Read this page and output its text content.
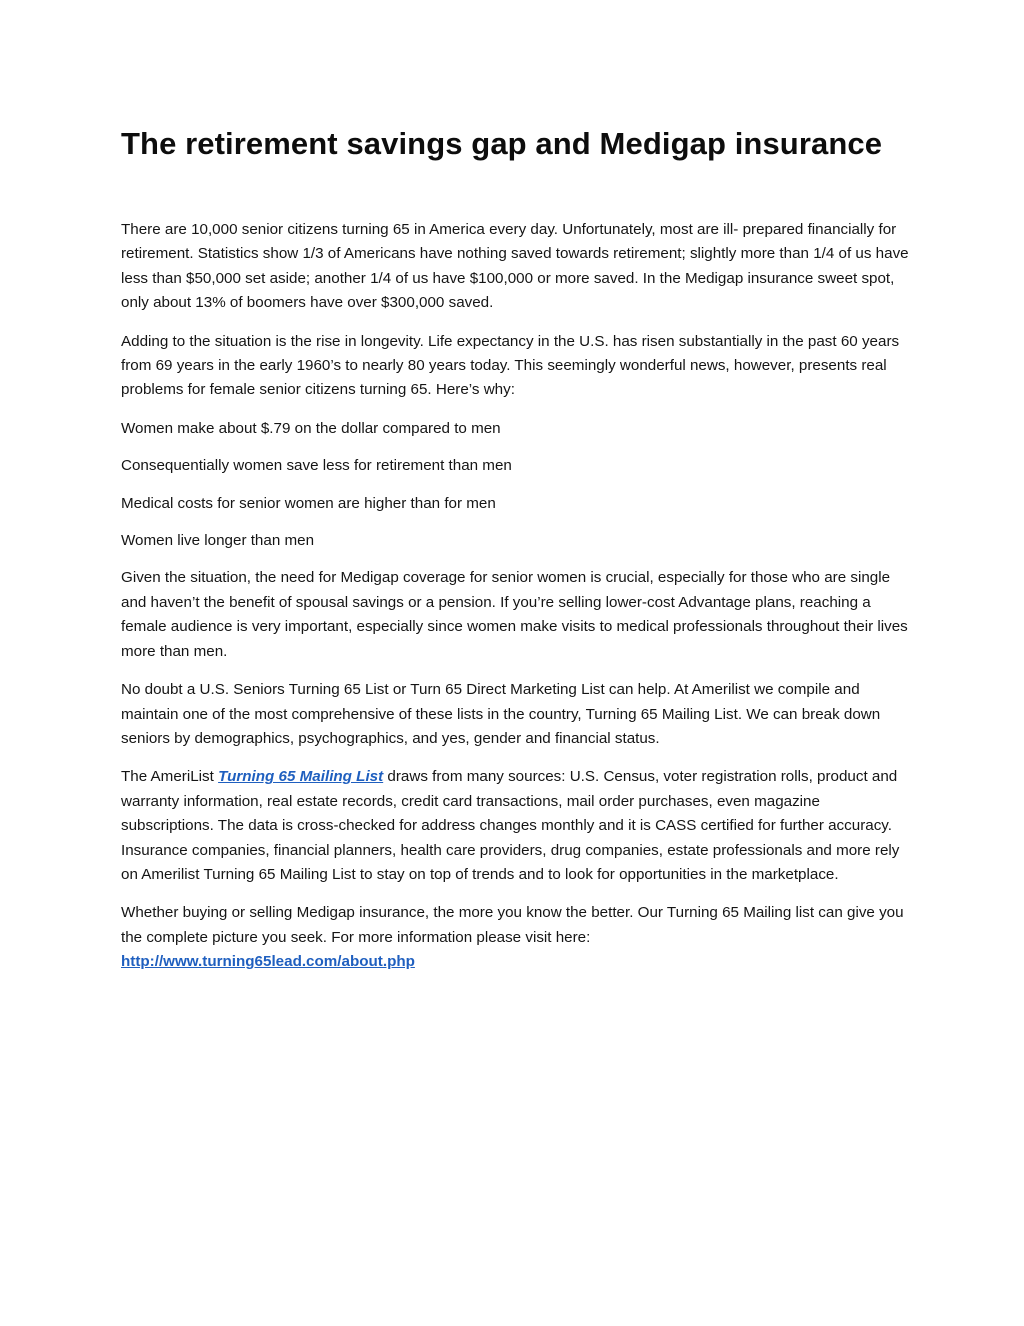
The retirement savings gap and Medigap insurance

There are 10,000 senior citizens turning 65 in America every day. Unfortunately, most are ill- prepared financially for retirement. Statistics show 1/3 of Americans have nothing saved towards retirement; slightly more than 1/4 of us have less than $50,000 set aside; another 1/4 of us have $100,000 or more saved. In the Medigap insurance sweet spot, only about 13% of boomers have over $300,000 saved.

Adding to the situation is the rise in longevity. Life expectancy in the U.S. has risen substantially in the past 60 years from 69 years in the early 1960’s to nearly 80 years today. This seemingly wonderful news, however, presents real problems for female senior citizens turning 65. Here’s why:

Women make about $.79 on the dollar compared to men

Consequentially women save less for retirement than men

Medical costs for senior women are higher than for men

Women live longer than men

Given the situation, the need for Medigap coverage for senior women is crucial, especially for those who are single and haven’t the benefit of spousal savings or a pension. If you’re selling lower-cost Advantage plans, reaching a female audience is very important, especially since women make visits to medical professionals throughout their lives more than men.

No doubt a U.S. Seniors Turning 65 List or Turn 65 Direct Marketing List can help. At Amerilist we compile and maintain one of the most comprehensive of these lists in the country, Turning 65 Mailing List. We can break down seniors by demographics, psychographics, and yes, gender and financial status.

The AmeriList Turning 65 Mailing List draws from many sources: U.S. Census, voter registration rolls, product and warranty information, real estate records, credit card transactions, mail order purchases, even magazine subscriptions. The data is cross-checked for address changes monthly and it is CASS certified for further accuracy. Insurance companies, financial planners, health care providers, drug companies, estate professionals and more rely on Amerilist Turning 65 Mailing List to stay on top of trends and to look for opportunities in the marketplace.

Whether buying or selling Medigap insurance, the more you know the better. Our Turning 65 Mailing list can give you the complete picture you seek. For more information please visit here:
http://www.turning65lead.com/about.php
